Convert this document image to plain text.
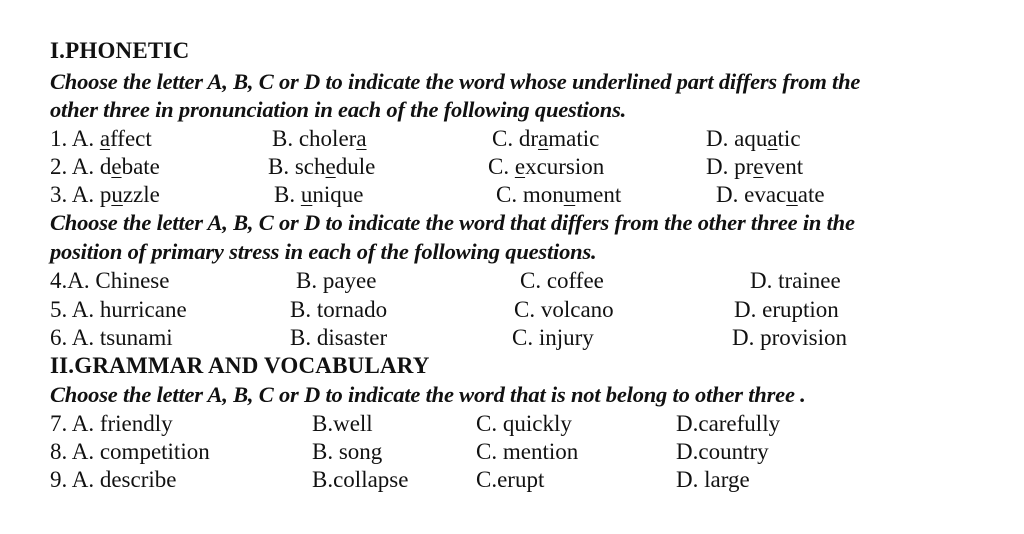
I.PHONETIC
Choose the letter A, B, C or D to indicate the word whose underlined part differs from the
other three in pronunciation in each of the following questions.
1. A. affect	B. cholera	C. dramatic	D. aquatic
2. A. debate	B. schedule	C. excursion	D. prevent
3. A. puzzle	B. unique	C. monument	D. evacuate
Choose the letter A, B, C or D to indicate the word that differs from the other three in the
position of primary stress in each of the following questions.
4.A. Chinese	B. payee	C. coffee	D. trainee
5. A. hurricane	B. tornado	C. volcano	D. eruption
6. A. tsunami	B. disaster	C. injury	D. provision
II.GRAMMAR AND VOCABULARY
Choose the letter A, B, C or D to indicate the word that is not belong to other three .
7. A. friendly	B.well	C. quickly	D.carefully
8. A. competition	B. song	C. mention	D.country
9. A. describe	B.collapse	C.erupt	D. large
